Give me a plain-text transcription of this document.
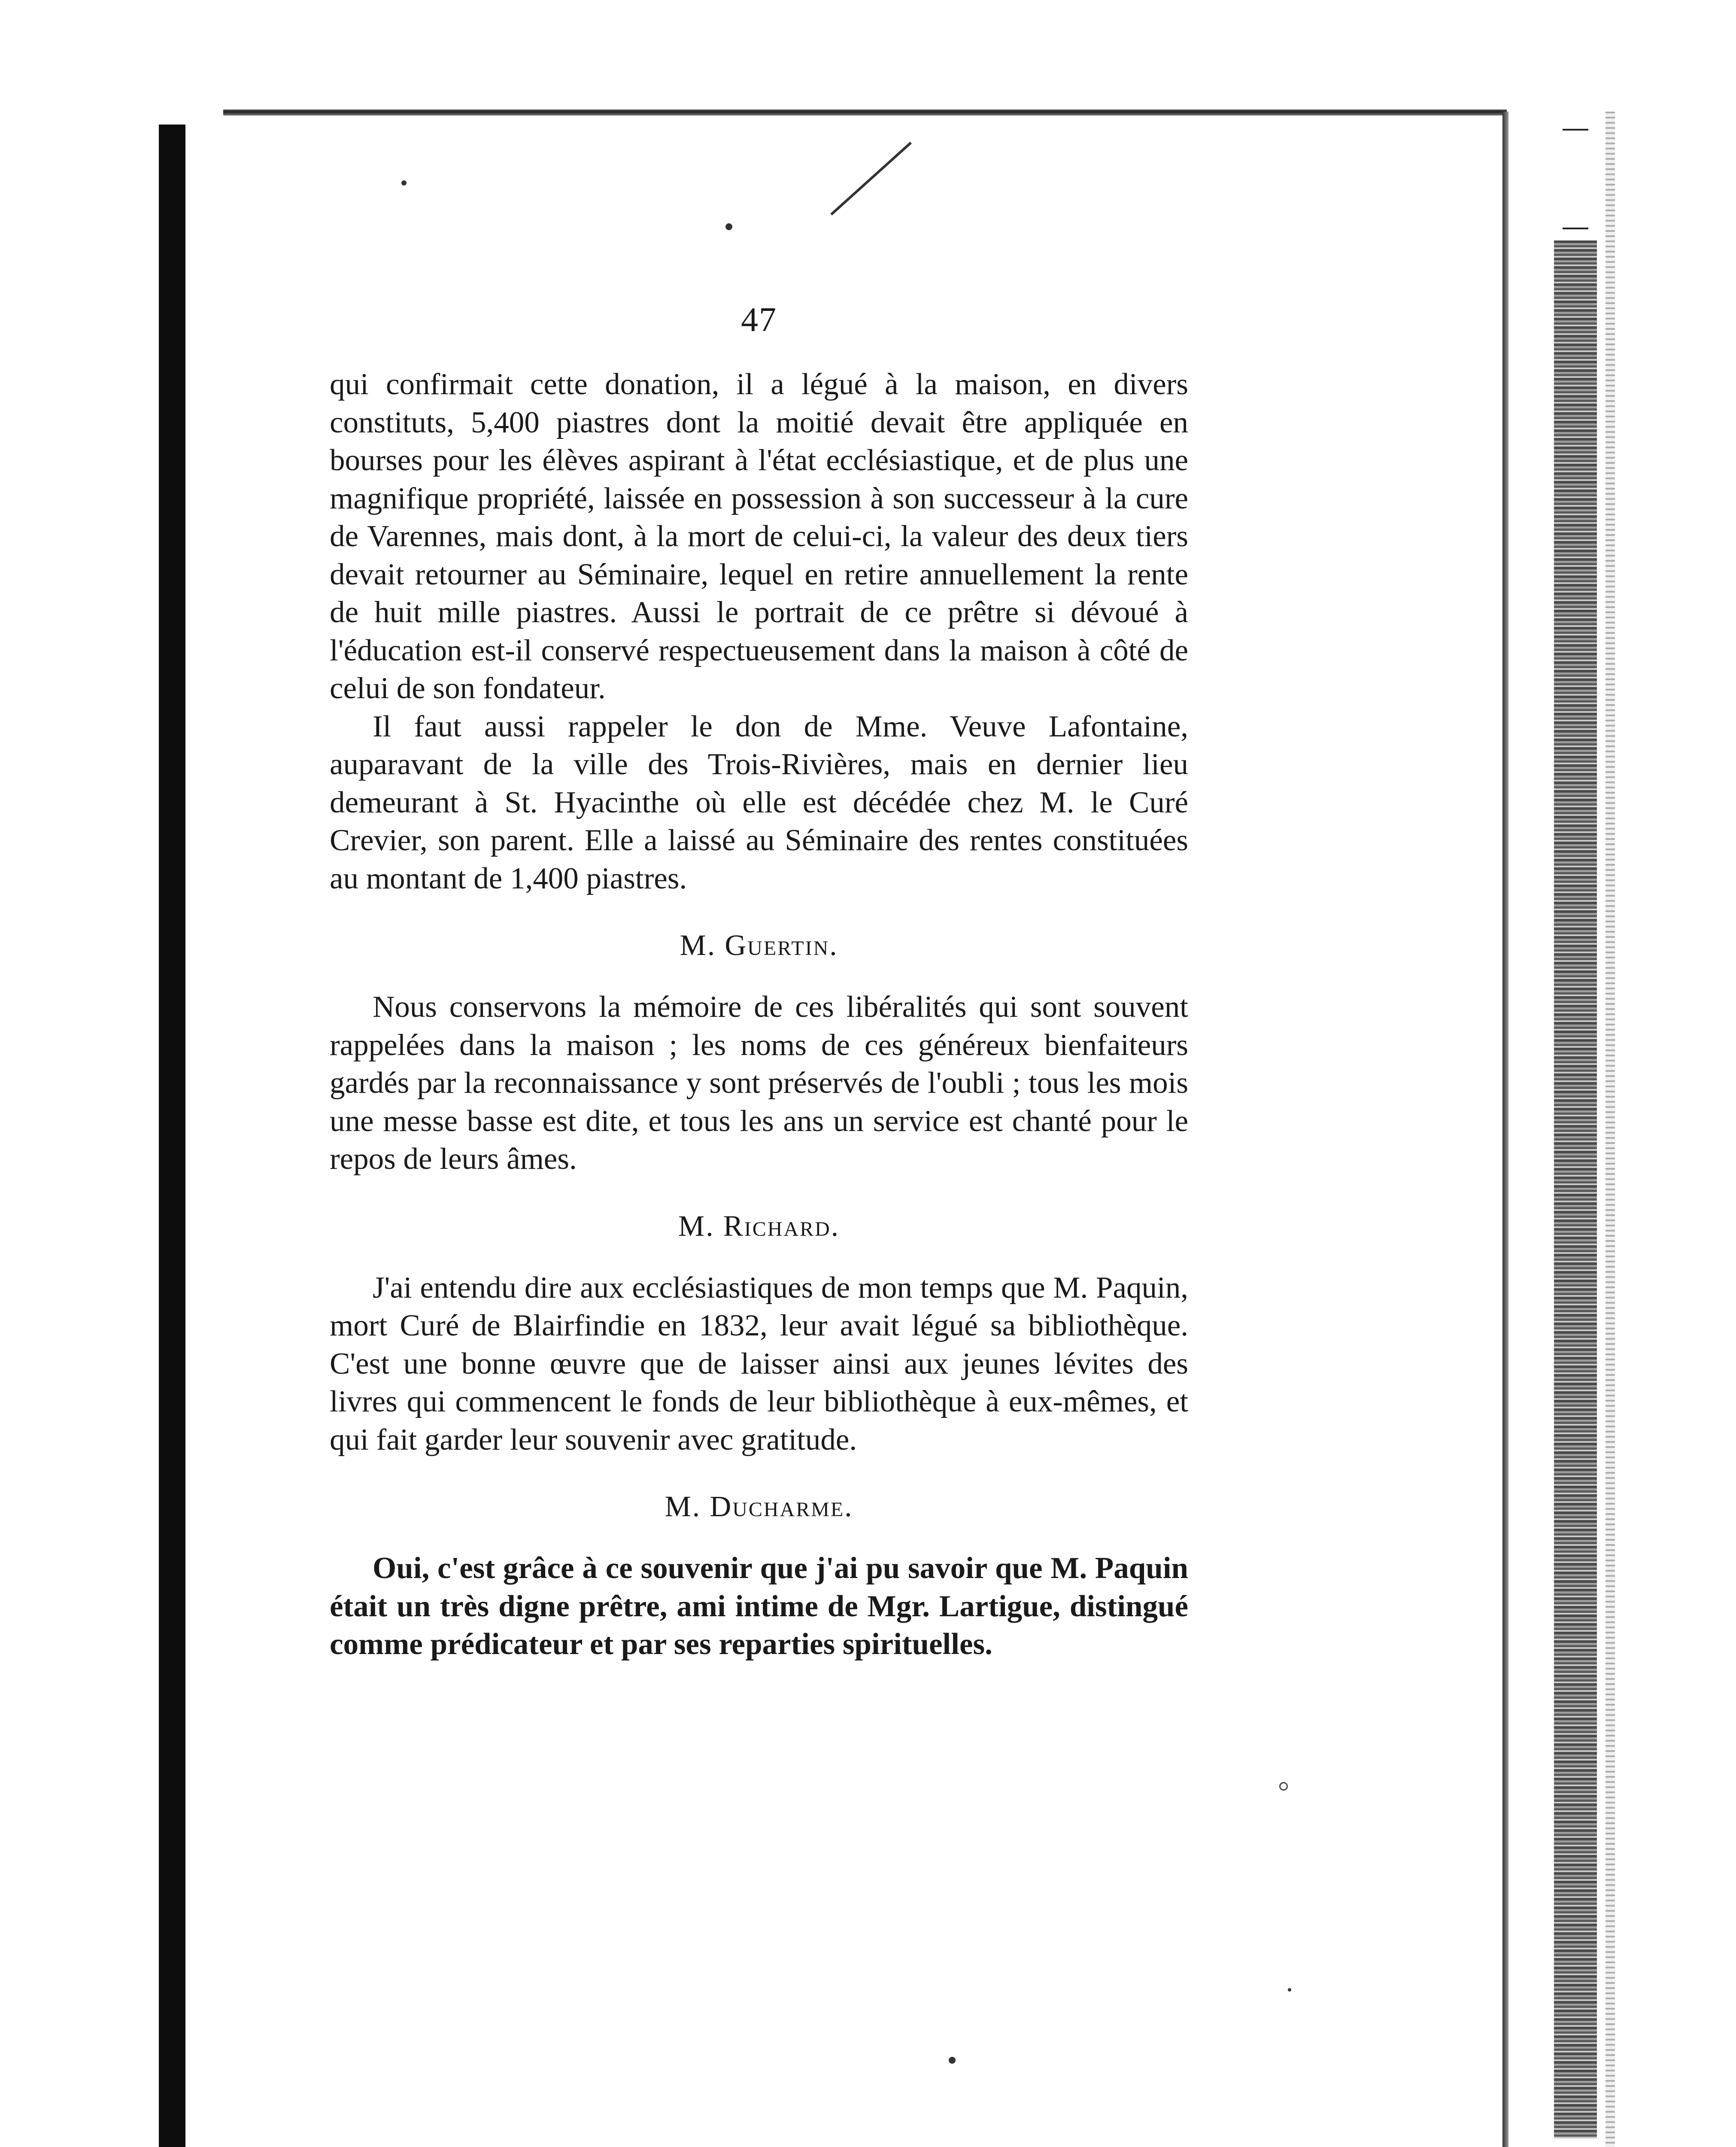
47

qui confirmait cette donation, il a légué à la maison, en divers constituts, 5,400 piastres dont la moitié devait être appliquée en bourses pour les élèves aspirant à l'état ecclésiastique, et de plus une magnifique propriété, laissée en possession à son successeur à la cure de Varennes, mais dont, à la mort de celui-ci, la valeur des deux tiers devait retourner au Séminaire, lequel en retire annuellement la rente de huit mille piastres. Aussi le portrait de ce prêtre si dévoué à l'éducation est-il conservé respectueusement dans la maison à côté de celui de son fondateur.

Il faut aussi rappeler le don de Mme. Veuve Lafontaine, auparavant de la ville des Trois-Rivières, mais en dernier lieu demeurant à St. Hyacinthe où elle est décédée chez M. le Curé Crevier, son parent. Elle a laissé au Séminaire des rentes constituées au montant de 1,400 piastres.

M. Guertin.

Nous conservons la mémoire de ces libéralités qui sont souvent rappelées dans la maison ; les noms de ces généreux bienfaiteurs gardés par la reconnaissance y sont préservés de l'oubli ; tous les mois une messe basse est dite, et tous les ans un service est chanté pour le repos de leurs âmes.

M. Richard.

J'ai entendu dire aux ecclésiastiques de mon temps que M. Paquin, mort Curé de Blairfindie en 1832, leur avait légué sa bibliothèque. C'est une bonne œuvre que de laisser ainsi aux jeunes lévites des livres qui commencent le fonds de leur bibliothèque à eux-mêmes, et qui fait garder leur souvenir avec gratitude.

M. Ducharme.

Oui, c'est grâce à ce souvenir que j'ai pu savoir que M. Paquin était un très digne prêtre, ami intime de Mgr. Lartigue, distingué comme prédicateur et par ses reparties spirituelles.
